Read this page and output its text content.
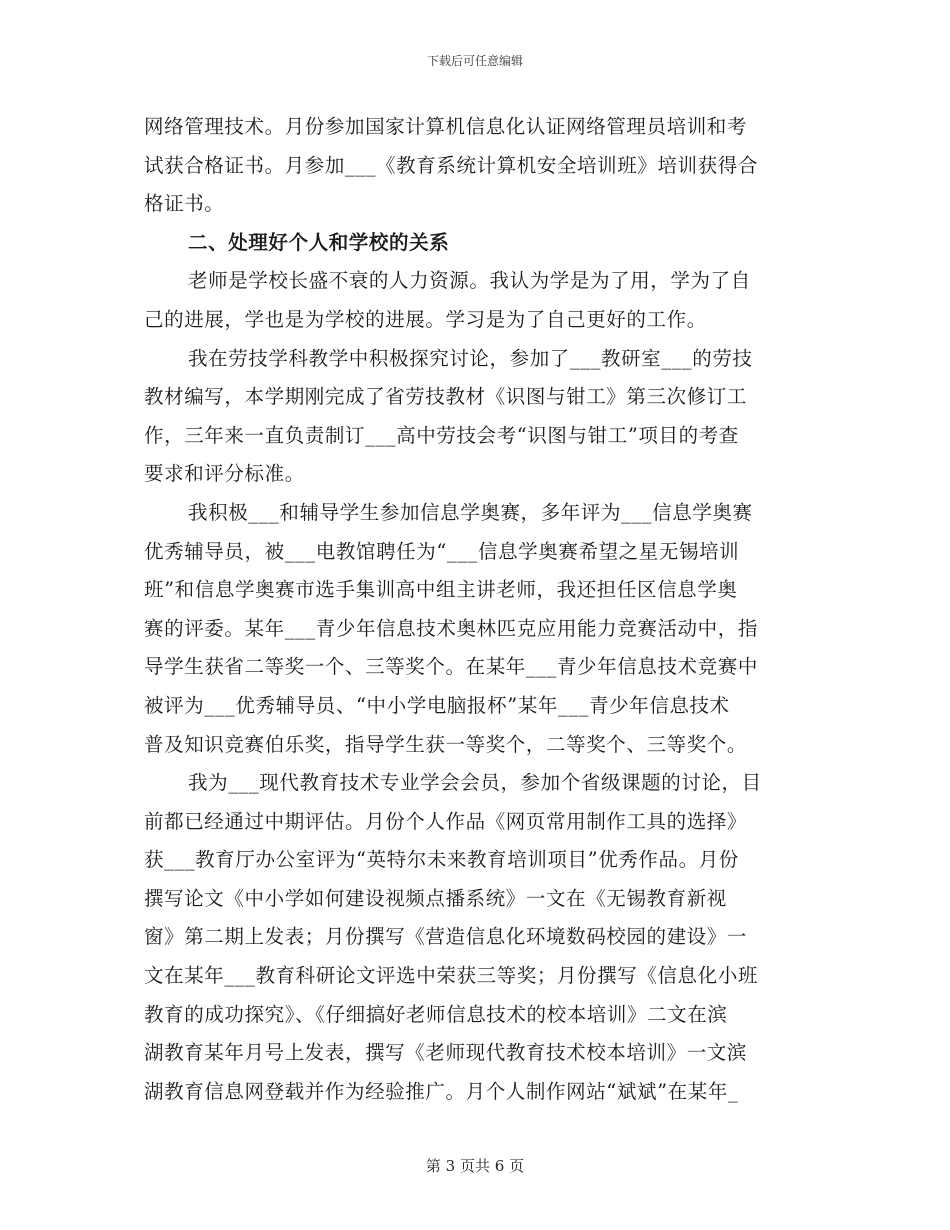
下载后可任意编辑
网络管理技术。月份参加国家计算机信息化认证网络管理员培训和考
试获合格证书。月参加___《教育系统计算机安全培训班》培训获得合
格证书。
二、处理好个人和学校的关系
老师是学校长盛不衰的人力资源。我认为学是为了用，学为了自
己的进展，学也是为学校的进展。学习是为了自己更好的工作。
我在劳技学科教学中积极探究讨论，参加了___教研室___的劳技
教材编写，本学期刚完成了省劳技教材《识图与钳工》第三次修订工
作，三年来一直负责制订___高中劳技会考“识图与钳工”项目的考查
要求和评分标准。
我积极___和辅导学生参加信息学奥赛，多年评为___信息学奥赛
优秀辅导员，被___电教馆聘任为“___信息学奥赛希望之星无锡培训
班”和信息学奥赛市选手集训高中组主讲老师，我还担任区信息学奥
赛的评委。某年___青少年信息技术奥林匹克应用能力竞赛活动中，指
导学生获省二等奖一个、三等奖个。在某年___青少年信息技术竞赛中
被评为___优秀辅导员、“中小学电脑报杯”某年___青少年信息技术
普及知识竞赛伯乐奖，指导学生获一等奖个，二等奖个、三等奖个。
我为___现代教育技术专业学会会员，参加个省级课题的讨论，目
前都已经通过中期评估。月份个人作品《网页常用制作工具的选择》
获___教育厅办公室评为“英特尔未来教育培训项目”优秀作品。月份
撰写论文《中小学如何建设视频点播系统》一文在《无锡教育新视
窗》第二期上发表；月份撰写《营造信息化环境数码校园的建设》一
文在某年___教育科研论文评选中荣获三等奖；月份撰写《信息化小班
教育的成功探究》、《仔细搞好老师信息技术的校本培训》二文在滨
湖教育某年月号上发表，撰写《老师现代教育技术校本培训》一文滨
湖教育信息网登载并作为经验推广。月个人制作网站“斌斌”在某年_
第 3 页共 6 页
